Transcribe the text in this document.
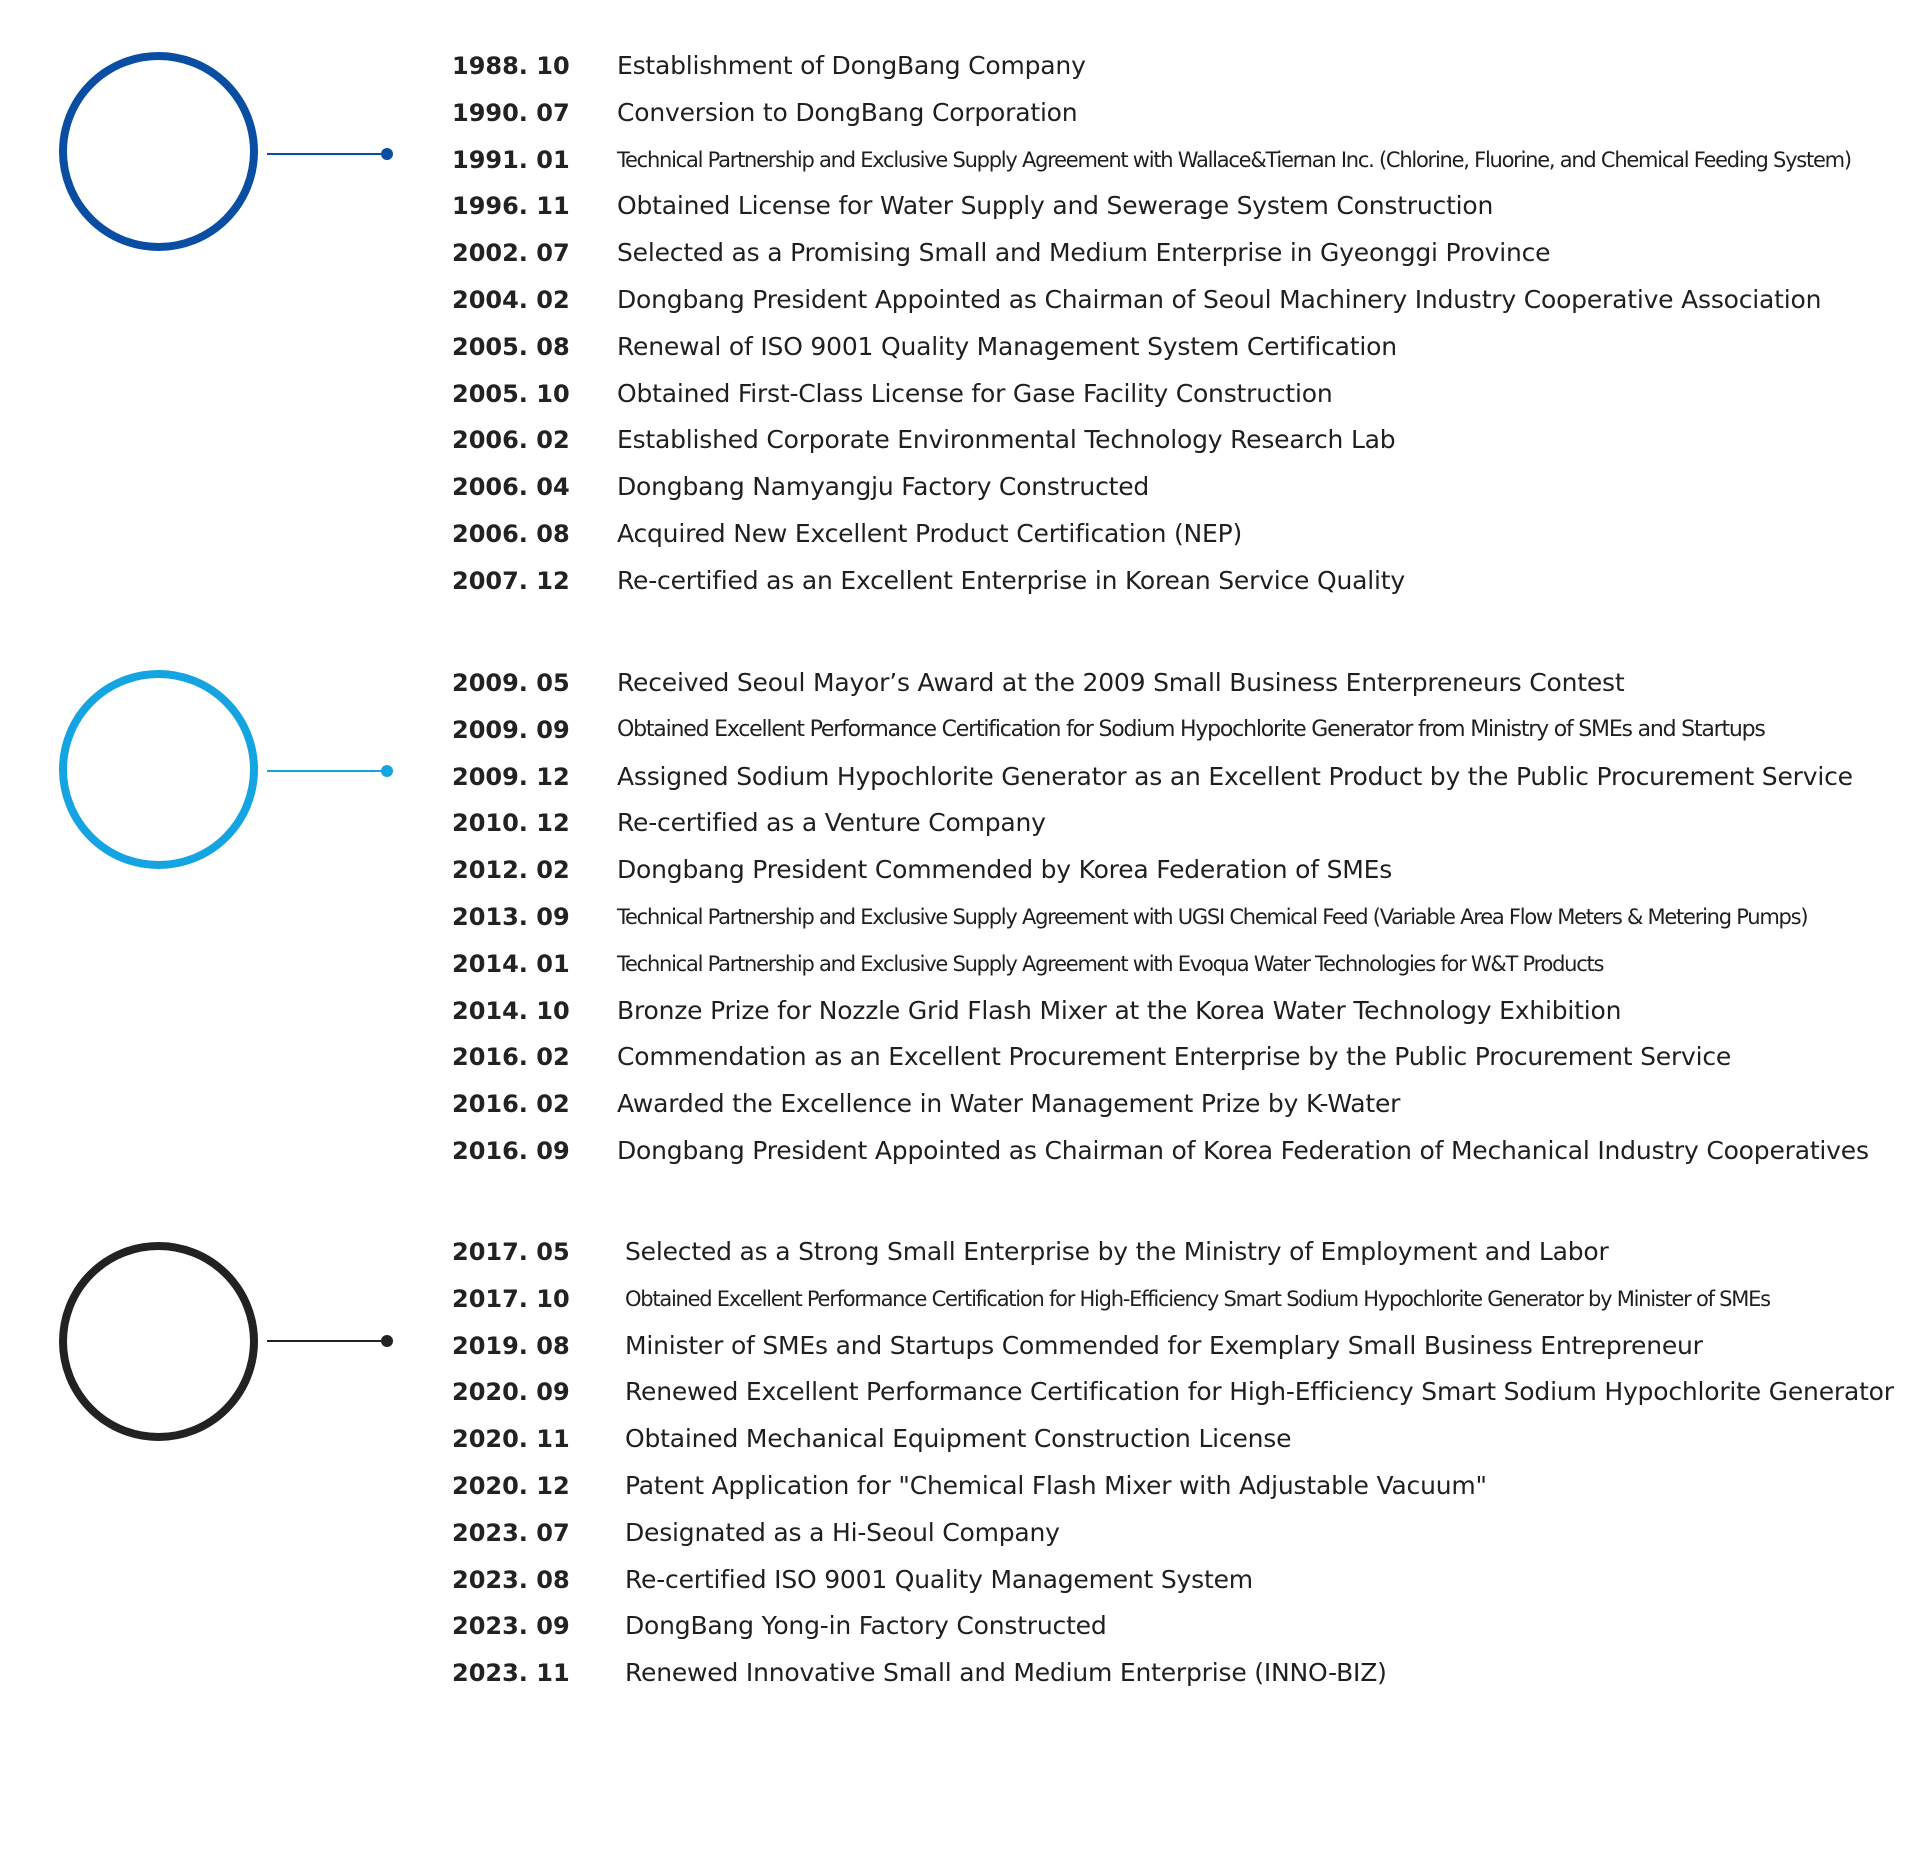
1988. 10	Establishment of DongBang Company
1990. 07	Conversion to DongBang Corporation
1991. 01	Technical Partnership and Exclusive Supply Agreement with Wallace&Tiernan Inc. (Chlorine, Fluorine, and Chemical Feeding System)
1996. 11	Obtained License for Water Supply and Sewerage System Construction
2002. 07	Selected as a Promising Small and Medium Enterprise in Gyeonggi Province
2004. 02	Dongbang President Appointed as Chairman of Seoul Machinery Industry Cooperative Association
2005. 08	Renewal of ISO 9001 Quality Management System Certification
2005. 10	Obtained First-Class License for Gase Facility Construction
2006. 02	Established Corporate Environmental Technology Research Lab
2006. 04	Dongbang Namyangju Factory Constructed
2006. 08	Acquired New Excellent Product Certification (NEP)
2007. 12	Re-certified as an Excellent Enterprise in Korean Service Quality
2009. 05	Received Seoul Mayor’s Award at the 2009 Small Business Enterpreneurs Contest
2009. 09	Obtained Excellent Performance Certification for Sodium Hypochlorite Generator from Ministry of SMEs and Startups
2009. 12	Assigned Sodium Hypochlorite Generator as an Excellent Product by the Public Procurement Service
2010. 12	Re-certified as a Venture Company
2012. 02	Dongbang President Commended by Korea Federation of SMEs
2013. 09	Technical Partnership and Exclusive Supply Agreement with UGSI Chemical Feed (Variable Area Flow Meters & Metering Pumps)
2014. 01	Technical Partnership and Exclusive Supply Agreement with Evoqua Water Technologies for W&T Products
2014. 10	Bronze Prize for Nozzle Grid Flash Mixer at the Korea Water Technology Exhibition
2016. 02	Commendation as an Excellent Procurement Enterprise by the Public Procurement Service
2016. 02	Awarded the Excellence in Water Management Prize by K-Water
2016. 09	Dongbang President Appointed as Chairman of Korea Federation of Mechanical Industry Cooperatives
2017. 05	Selected as a Strong Small Enterprise by the Ministry of Employment and Labor
2017. 10	Obtained Excellent Performance Certification for High-Efficiency Smart Sodium Hypochlorite Generator by Minister of SMEs
2019. 08	Minister of SMEs and Startups Commended for Exemplary Small Business Entrepreneur
2020. 09	Renewed Excellent Performance Certification for High-Efficiency Smart Sodium Hypochlorite Generator
2020. 11	Obtained Mechanical Equipment Construction License
2020. 12	Patent Application for "Chemical Flash Mixer with Adjustable Vacuum"
2023. 07	Designated as a Hi-Seoul Company
2023. 08	Re-certified ISO 9001 Quality Management System
2023. 09	DongBang Yong-in Factory Constructed
2023. 11	Renewed Innovative Small and Medium Enterprise (INNO-BIZ)
